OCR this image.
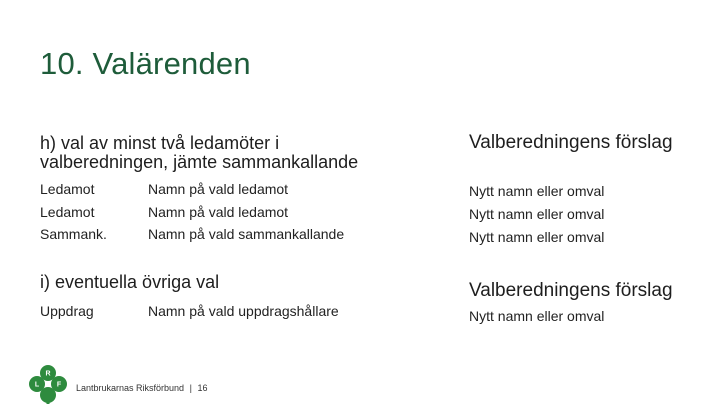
10. Valärenden
h) val av minst två ledamöter i
valberedningen, jämte sammankallande
Valberedningens förslag
Ledamot	Namn på vald ledamot	Nytt namn eller omval
Ledamot	Namn på vald ledamot	Nytt namn eller omval
Sammank.	Namn på vald sammankallande	Nytt namn eller omval
i) eventuella övriga val	Valberedningens förslag
Uppdrag	Namn på vald uppdragshållare	Nytt namn eller omval
L
R
F Lantbrukarnas Riksförbund | 16
